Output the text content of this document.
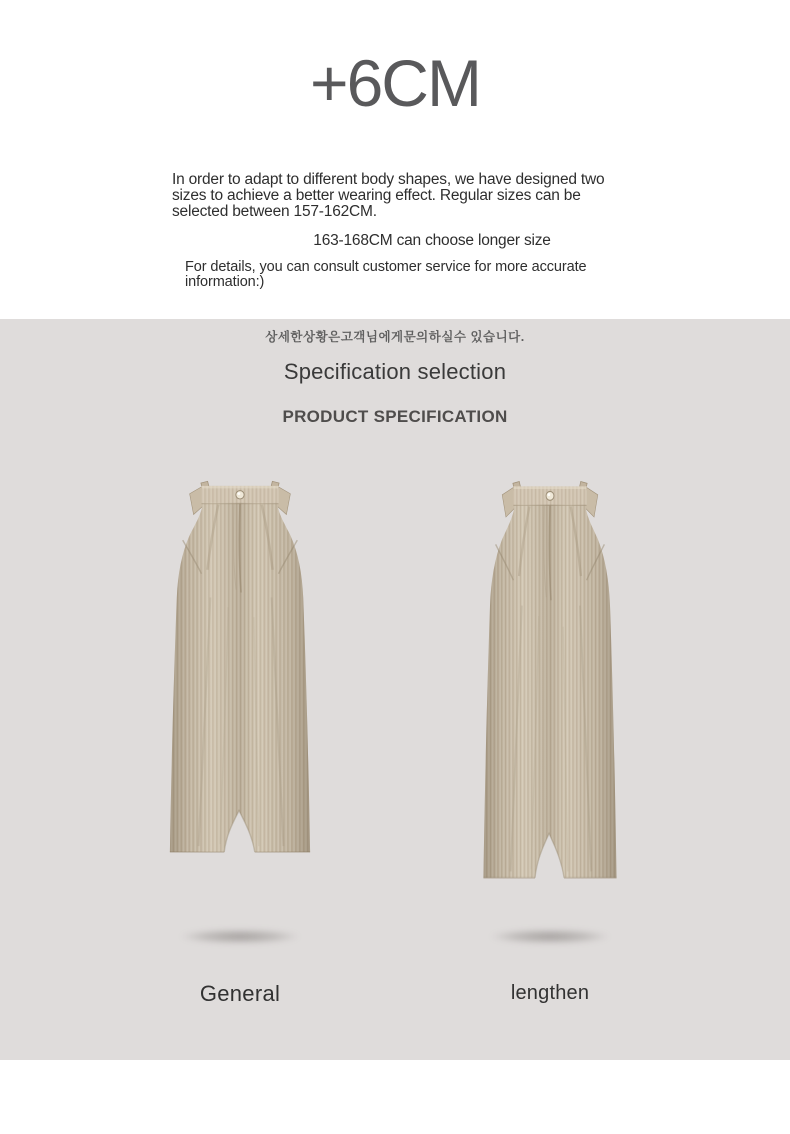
+6CM

In order to adapt to different body shapes, we have designed two sizes to achieve a better wearing effect. Regular sizes can be selected between 157-162CM.

163-168CM can choose longer size

For details, you can consult customer service for more accurate information:)

상세한상황은고객님에게문의하실수 있습니다.

Specification selection
PRODUCT SPECIFICATION
General	lengthen
